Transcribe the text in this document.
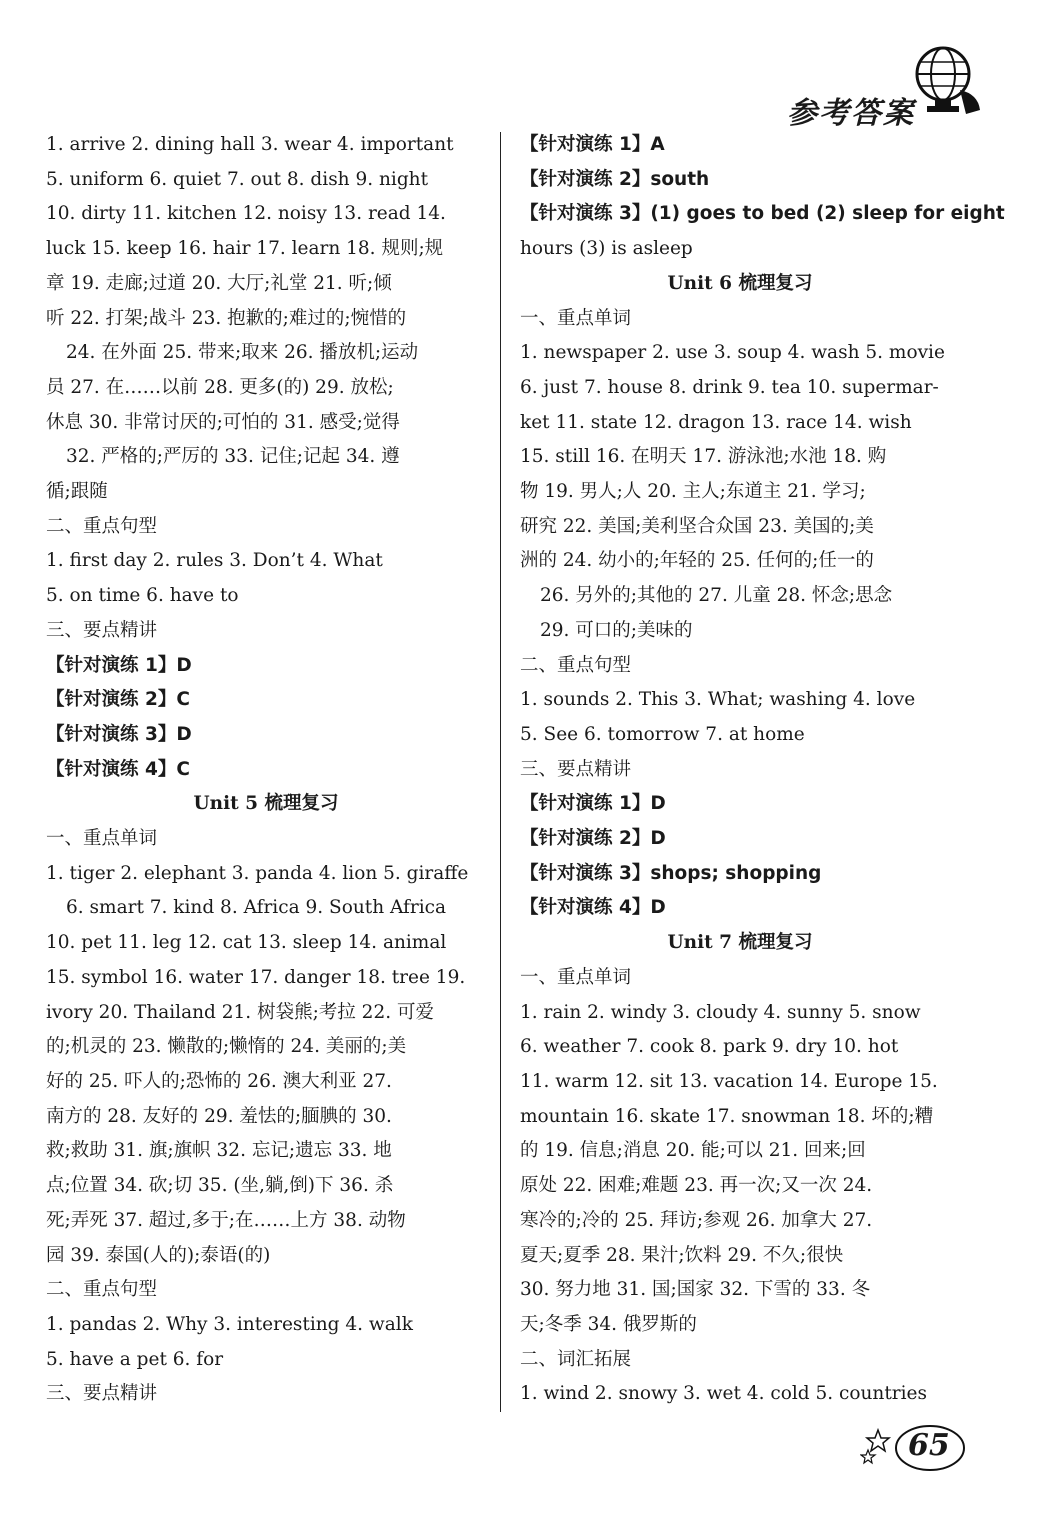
参考答案
1. arrive 2. dining hall 3. wear 4. important
5. uniform 6. quiet 7. out 8. dish 9. night
10. dirty 11. kitchen 12. noisy 13. read 14.
luck 15. keep 16. hair 17. learn 18. 规则;规
章 19. 走廊;过道 20. 大厅;礼堂 21. 听;倾
听 22. 打架;战斗 23. 抱歉的;难过的;惋惜的
24. 在外面 25. 带来;取来 26. 播放机;运动
员 27. 在……以前 28. 更多(的) 29. 放松;
休息 30. 非常讨厌的;可怕的 31. 感受;觉得
32. 严格的;严厉的 33. 记住;记起 34. 遵
循;跟随
二、重点句型
1. first day 2. rules 3. Don’t 4. What
5. on time 6. have to
三、要点精讲
【针对演练 1】D
【针对演练 2】C
【针对演练 3】D
【针对演练 4】C
Unit 5 梳理复习
一、重点单词
1. tiger 2. elephant 3. panda 4. lion 5. giraffe
6. smart 7. kind 8. Africa 9. South Africa
10. pet 11. leg 12. cat 13. sleep 14. animal
15. symbol 16. water 17. danger 18. tree 19.
ivory 20. Thailand 21. 树袋熊;考拉 22. 可爱
的;机灵的 23. 懒散的;懒惰的 24. 美丽的;美
好的 25. 吓人的;恐怖的 26. 澳大利亚 27.
南方的 28. 友好的 29. 羞怯的;腼腆的 30.
救;救助 31. 旗;旗帜 32. 忘记;遗忘 33. 地
点;位置 34. 砍;切 35. (坐,躺,倒)下 36. 杀
死;弄死 37. 超过,多于;在……上方 38. 动物
园 39. 泰国(人的);泰语(的)
二、重点句型
1. pandas 2. Why 3. interesting 4. walk
5. have a pet 6. for
三、要点精讲
【针对演练 1】A
【针对演练 2】south
【针对演练 3】(1) goes to bed (2) sleep for eight
hours (3) is asleep
Unit 6 梳理复习
一、重点单词
1. newspaper 2. use 3. soup 4. wash 5. movie
6. just 7. house 8. drink 9. tea 10. supermar-
ket 11. state 12. dragon 13. race 14. wish
15. still 16. 在明天 17. 游泳池;水池 18. 购
物 19. 男人;人 20. 主人;东道主 21. 学习;
研究 22. 美国;美利坚合众国 23. 美国的;美
洲的 24. 幼小的;年轻的 25. 任何的;任一的
26. 另外的;其他的 27. 儿童 28. 怀念;思念
29. 可口的;美味的
二、重点句型
1. sounds 2. This 3. What; washing 4. love
5. See 6. tomorrow 7. at home
三、要点精讲
【针对演练 1】D
【针对演练 2】D
【针对演练 3】shops; shopping
【针对演练 4】D
Unit 7 梳理复习
一、重点单词
1. rain 2. windy 3. cloudy 4. sunny 5. snow
6. weather 7. cook 8. park 9. dry 10. hot
11. warm 12. sit 13. vacation 14. Europe 15.
mountain 16. skate 17. snowman 18. 坏的;糟
的 19. 信息;消息 20. 能;可以 21. 回来;回
原处 22. 困难;难题 23. 再一次;又一次 24.
寒冷的;冷的 25. 拜访;参观 26. 加拿大 27.
夏天;夏季 28. 果汁;饮料 29. 不久;很快
30. 努力地 31. 国;国家 32. 下雪的 33. 冬
天;冬季 34. 俄罗斯的
二、词汇拓展
1. wind 2. snowy 3. wet 4. cold 5. countries
65
